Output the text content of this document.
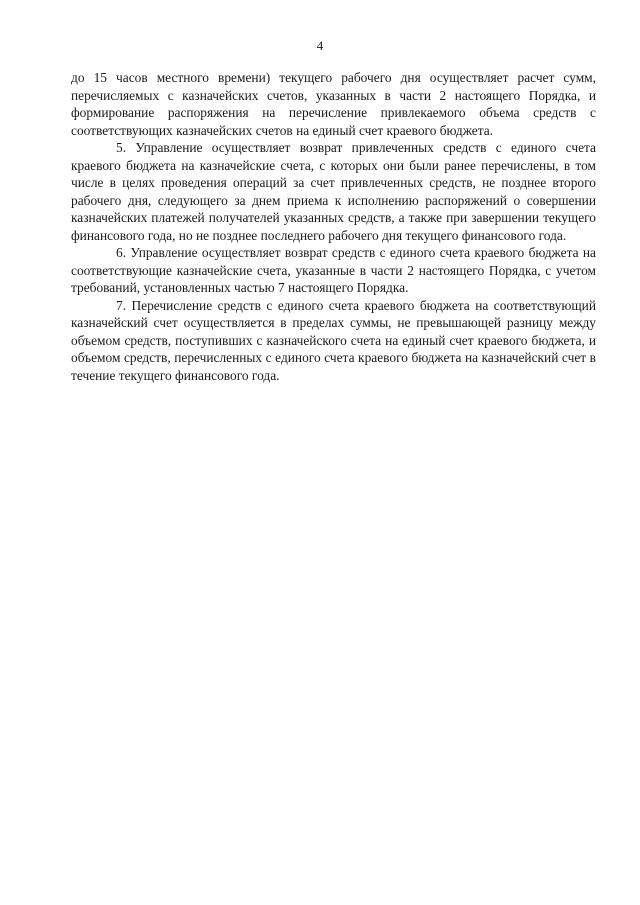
4

до 15 часов местного времени) текущего рабочего дня осуществляет расчет сумм, перечисляемых с казначейских счетов, указанных в части 2 настоящего Порядка, и формирование распоряжения на перечисление привлекаемого объема средств с соответствующих казначейских счетов на единый счет краевого бюджета.

5. Управление осуществляет возврат привлеченных средств с единого счета краевого бюджета на казначейские счета, с которых они были ранее перечислены, в том числе в целях проведения операций за счет привлеченных средств, не позднее второго рабочего дня, следующего за днем приема к исполнению распоряжений о совершении казначейских платежей получателей указанных средств, а также при завершении текущего финансового года, но не позднее последнего рабочего дня текущего финансового года.

6. Управление осуществляет возврат средств с единого счета краевого бюджета на соответствующие казначейские счета, указанные в части 2 настоящего Порядка, с учетом требований, установленных частью 7 настоящего Порядка.

7. Перечисление средств с единого счета краевого бюджета на соответствующий казначейский счет осуществляется в пределах суммы, не превышающей разницу между объемом средств, поступивших с казначейского счета на единый счет краевого бюджета, и объемом средств, перечисленных с единого счета краевого бюджета на казначейский счет в течение текущего финансового года.
